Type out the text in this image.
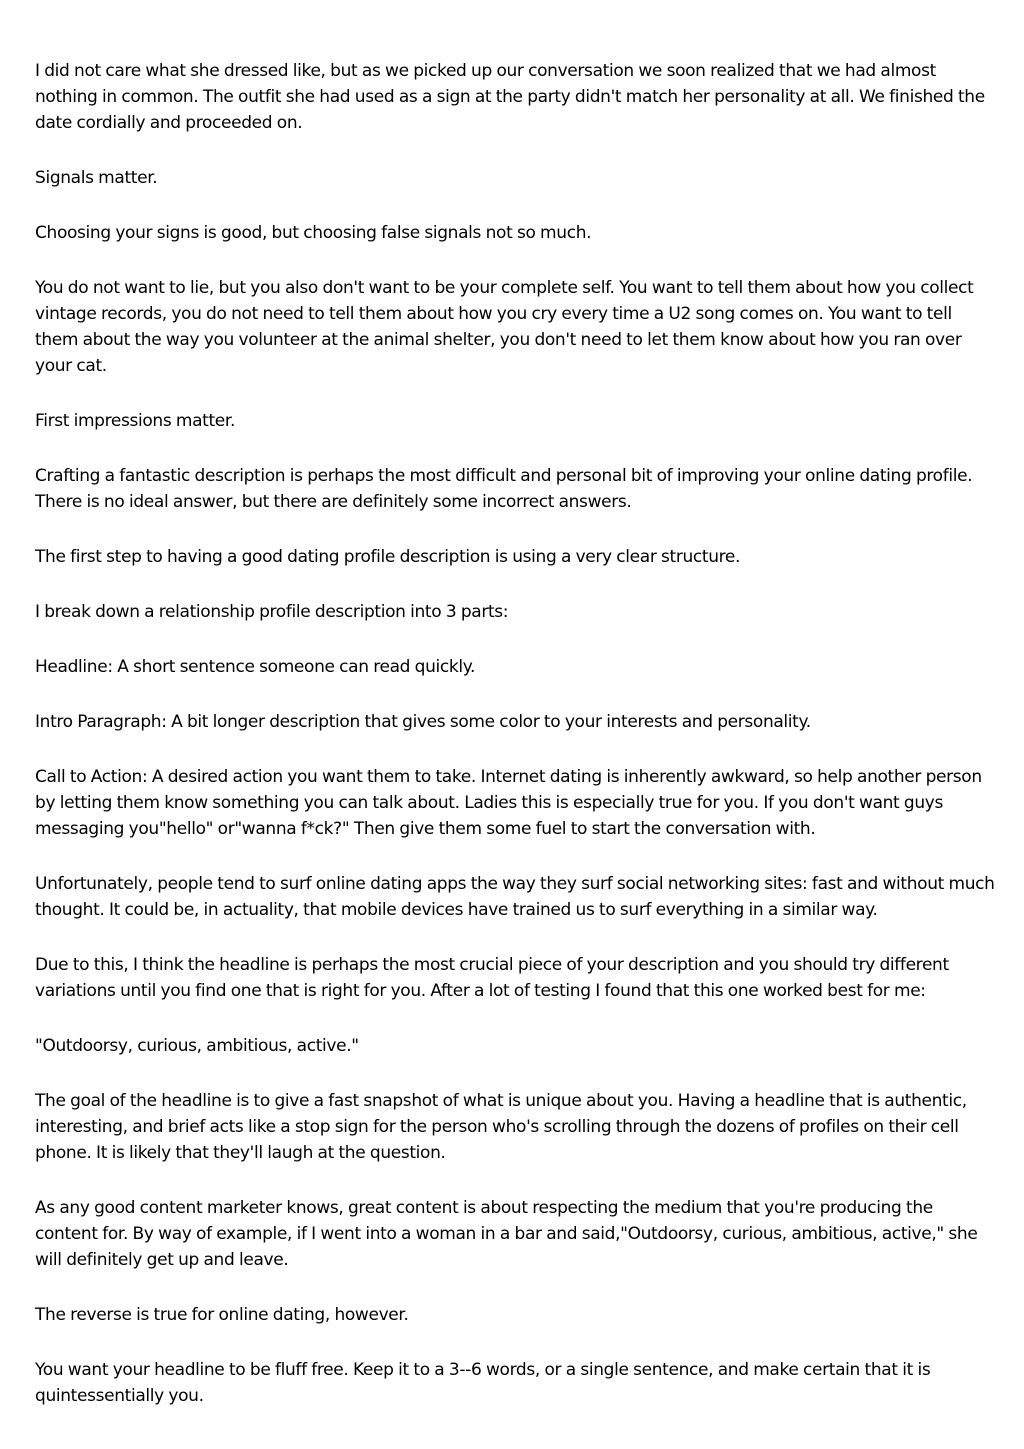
I did not care what she dressed like, but as we picked up our conversation we soon realized that we had almost nothing in common. The outfit she had used as a sign at the party didn't match her personality at all. We finished the date cordially and proceeded on.

Signals matter.

Choosing your signs is good, but choosing false signals not so much.

You do not want to lie, but you also don't want to be your complete self. You want to tell them about how you collect vintage records, you do not need to tell them about how you cry every time a U2 song comes on. You want to tell them about the way you volunteer at the animal shelter, you don't need to let them know about how you ran over your cat.

First impressions matter.

Crafting a fantastic description is perhaps the most difficult and personal bit of improving your online dating profile. There is no ideal answer, but there are definitely some incorrect answers.

The first step to having a good dating profile description is using a very clear structure.

I break down a relationship profile description into 3 parts:

Headline: A short sentence someone can read quickly.

Intro Paragraph: A bit longer description that gives some color to your interests and personality.

Call to Action: A desired action you want them to take. Internet dating is inherently awkward, so help another person by letting them know something you can talk about. Ladies this is especially true for you. If you don't want guys messaging you"hello" or"wanna f*ck?" Then give them some fuel to start the conversation with.

Unfortunately, people tend to surf online dating apps the way they surf social networking sites: fast and without much thought. It could be, in actuality, that mobile devices have trained us to surf everything in a similar way.

Due to this, I think the headline is perhaps the most crucial piece of your description and you should try different variations until you find one that is right for you. After a lot of testing I found that this one worked best for me:

"Outdoorsy, curious, ambitious, active."

The goal of the headline is to give a fast snapshot of what is unique about you. Having a headline that is authentic, interesting, and brief acts like a stop sign for the person who's scrolling through the dozens of profiles on their cell phone. It is likely that they'll laugh at the question.

As any good content marketer knows, great content is about respecting the medium that you're producing the content for. By way of example, if I went into a woman in a bar and said,"Outdoorsy, curious, ambitious, active," she will definitely get up and leave.

The reverse is true for online dating, however.

You want your headline to be fluff free. Keep it to a 3--6 words, or a single sentence, and make certain that it is quintessentially you.
